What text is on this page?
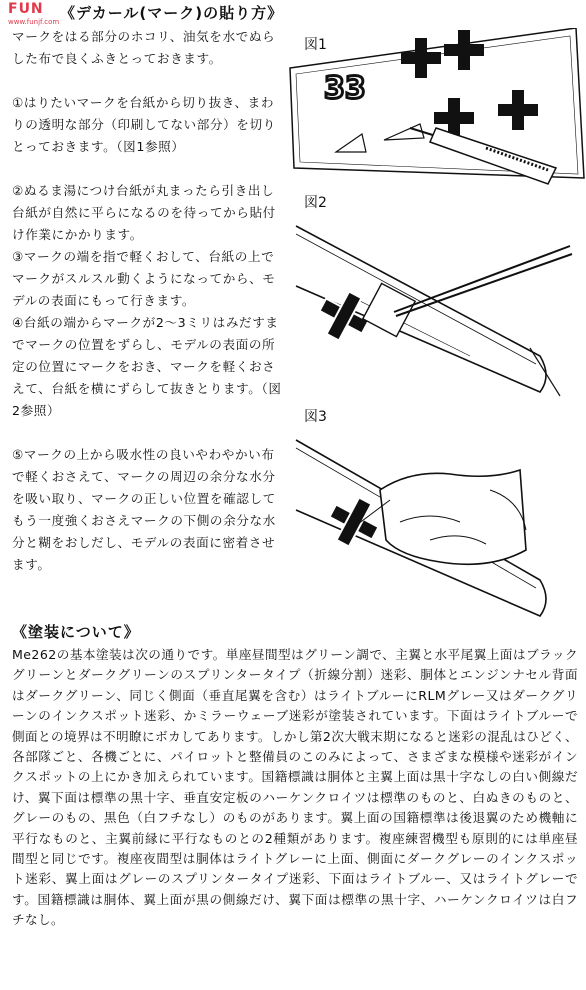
FUN
www.funjf.com 《デカール(マーク)の貼り方》
マークをはる部分のホコリ、油気を水でぬらした布で良くふきとっておきます。
①はりたいマークを台紙から切り抜き、まわりの透明な部分（印刷してない部分）を切りとっておきます。（図1参照）
②ぬるま湯につけ台紙が丸まったら引き出し台紙が自然に平らになるのを待ってから貼付け作業にかかります。
③マークの端を指で軽くおして、台紙の上でマークがスルスル動くようになってから、モデルの表面にもって行きます。
④台紙の端からマークが2～3ミリはみだすまでマークの位置をずらし、モデルの表面の所定の位置にマークをおき、マークを軽くおさえて、台紙を横にずらして抜きとります。（図2参照）
⑤マークの上から吸水性の良いやわやかい布で軽くおさえて、マークの周辺の余分な水分を吸い取り、マークの正しい位置を確認してもう一度強くおさえマークの下側の余分な水分と糊をおしだし、モデルの表面に密着させます。
図1
図2
図3
33
《塗装について》
Me262の基本塗装は次の通りです。単座昼間型はグリーン調で、主翼と水平尾翼上面はブラックグリーンとダークグリーンのスプリンタータイプ（折線分割）迷彩、胴体とエンジンナセル背面はダークグリーン、同じく側面（垂直尾翼を含む）はライトブルーにRLMグレー又はダークグリーンのインクスポット迷彩、かミラーウェーブ迷彩が塗装されています。下面はライトブルーで側面との境界は不明瞭にボカしてあります。しかし第2次大戦末期になると迷彩の混乱はひどく、各部隊ごと、各機ごとに、パイロットと整備員のこのみによって、さまざまな模様や迷彩がインクスポットの上にかき加えられています。国籍標識は胴体と主翼上面は黒十字なしの白い側線だけ、翼下面は標準の黒十字、垂直安定板のハーケンクロイツは標準のものと、白ぬきのものと、グレーのもの、黒色（白フチなし）のものがあります。翼上面の国籍標準は後退翼のため機軸に平行なものと、主翼前縁に平行なものとの2種類があります。複座練習機型も原則的には単座昼間型と同じです。複座夜間型は胴体はライトグレーに上面、側面にダークグレーのインクスポット迷彩、翼上面はグレーのスプリンタータイプ迷彩、下面はライトブルー、又はライトグレーです。国籍標識は胴体、翼上面が黒の側線だけ、翼下面は標準の黒十字、ハーケンクロイツは白フチなし。
